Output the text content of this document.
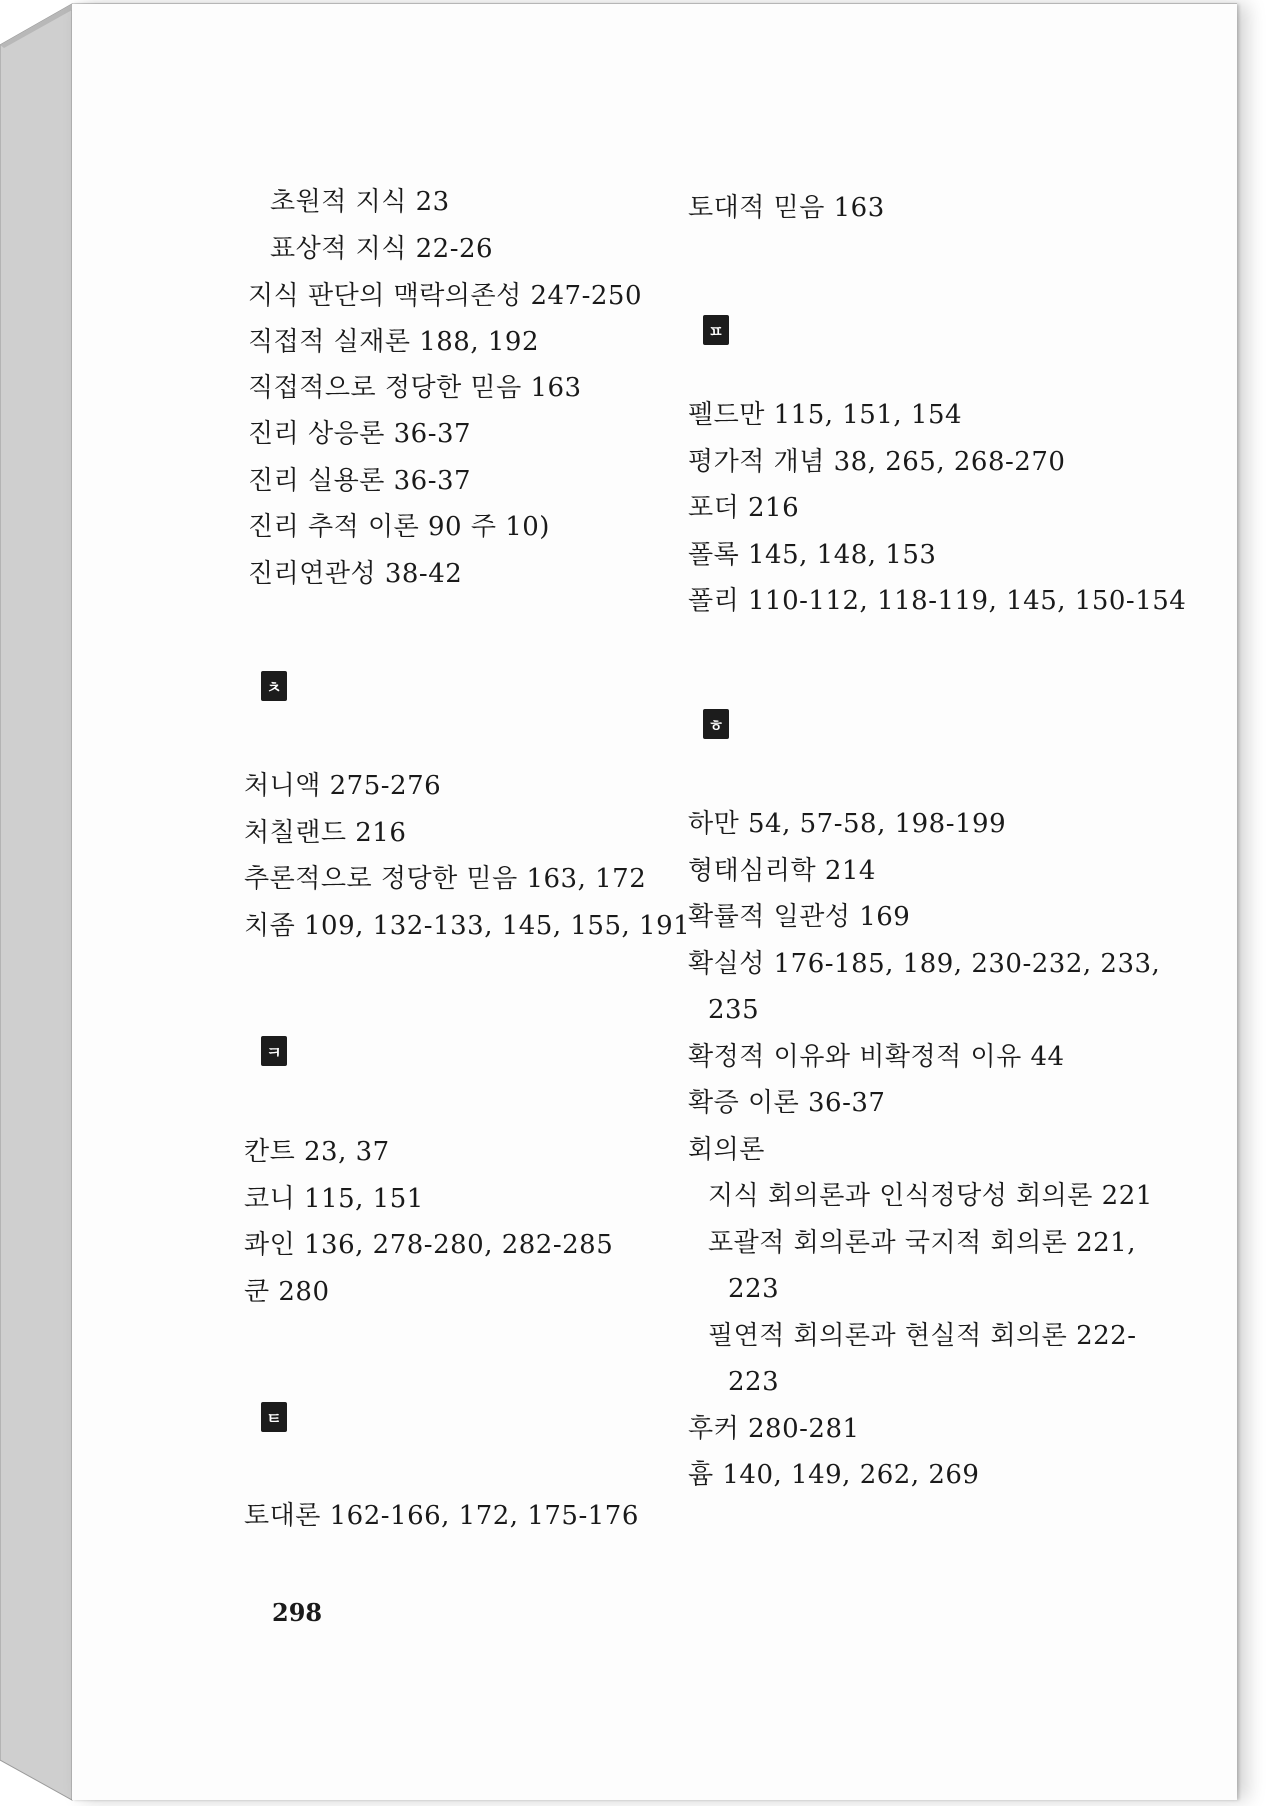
초원적 지식 23
표상적 지식 22-26
지식 판단의 맥락의존성 247-250
직접적 실재론 188, 192
직접적으로 정당한 믿음 163
진리 상응론 36-37
진리 실용론 36-37
진리 추적 이론 90 주 10)
진리연관성 38-42
ㅊ
처니액 275-276
처칠랜드 216
추론적으로 정당한 믿음 163, 172
치좀 109, 132-133, 145, 155, 191
ㅋ
칸트 23, 37
코니 115, 151
콰인 136, 278-280, 282-285
쿤 280
ㅌ
토대론 162-166, 172, 175-176
토대적 믿음 163
ㅍ
펠드만 115, 151, 154
평가적 개념 38, 265, 268-270
포더 216
폴록 145, 148, 153
폴리 110-112, 118-119, 145, 150-154
ㅎ
하만 54, 57-58, 198-199
형태심리학 214
확률적 일관성 169
확실성 176-185, 189, 230-232, 233,
235
확정적 이유와 비확정적 이유 44
확증 이론 36-37
회의론
지식 회의론과 인식정당성 회의론 221
포괄적 회의론과 국지적 회의론 221,
223
필연적 회의론과 현실적 회의론 222-
223
후커 280-281
흄 140, 149, 262, 269
298
